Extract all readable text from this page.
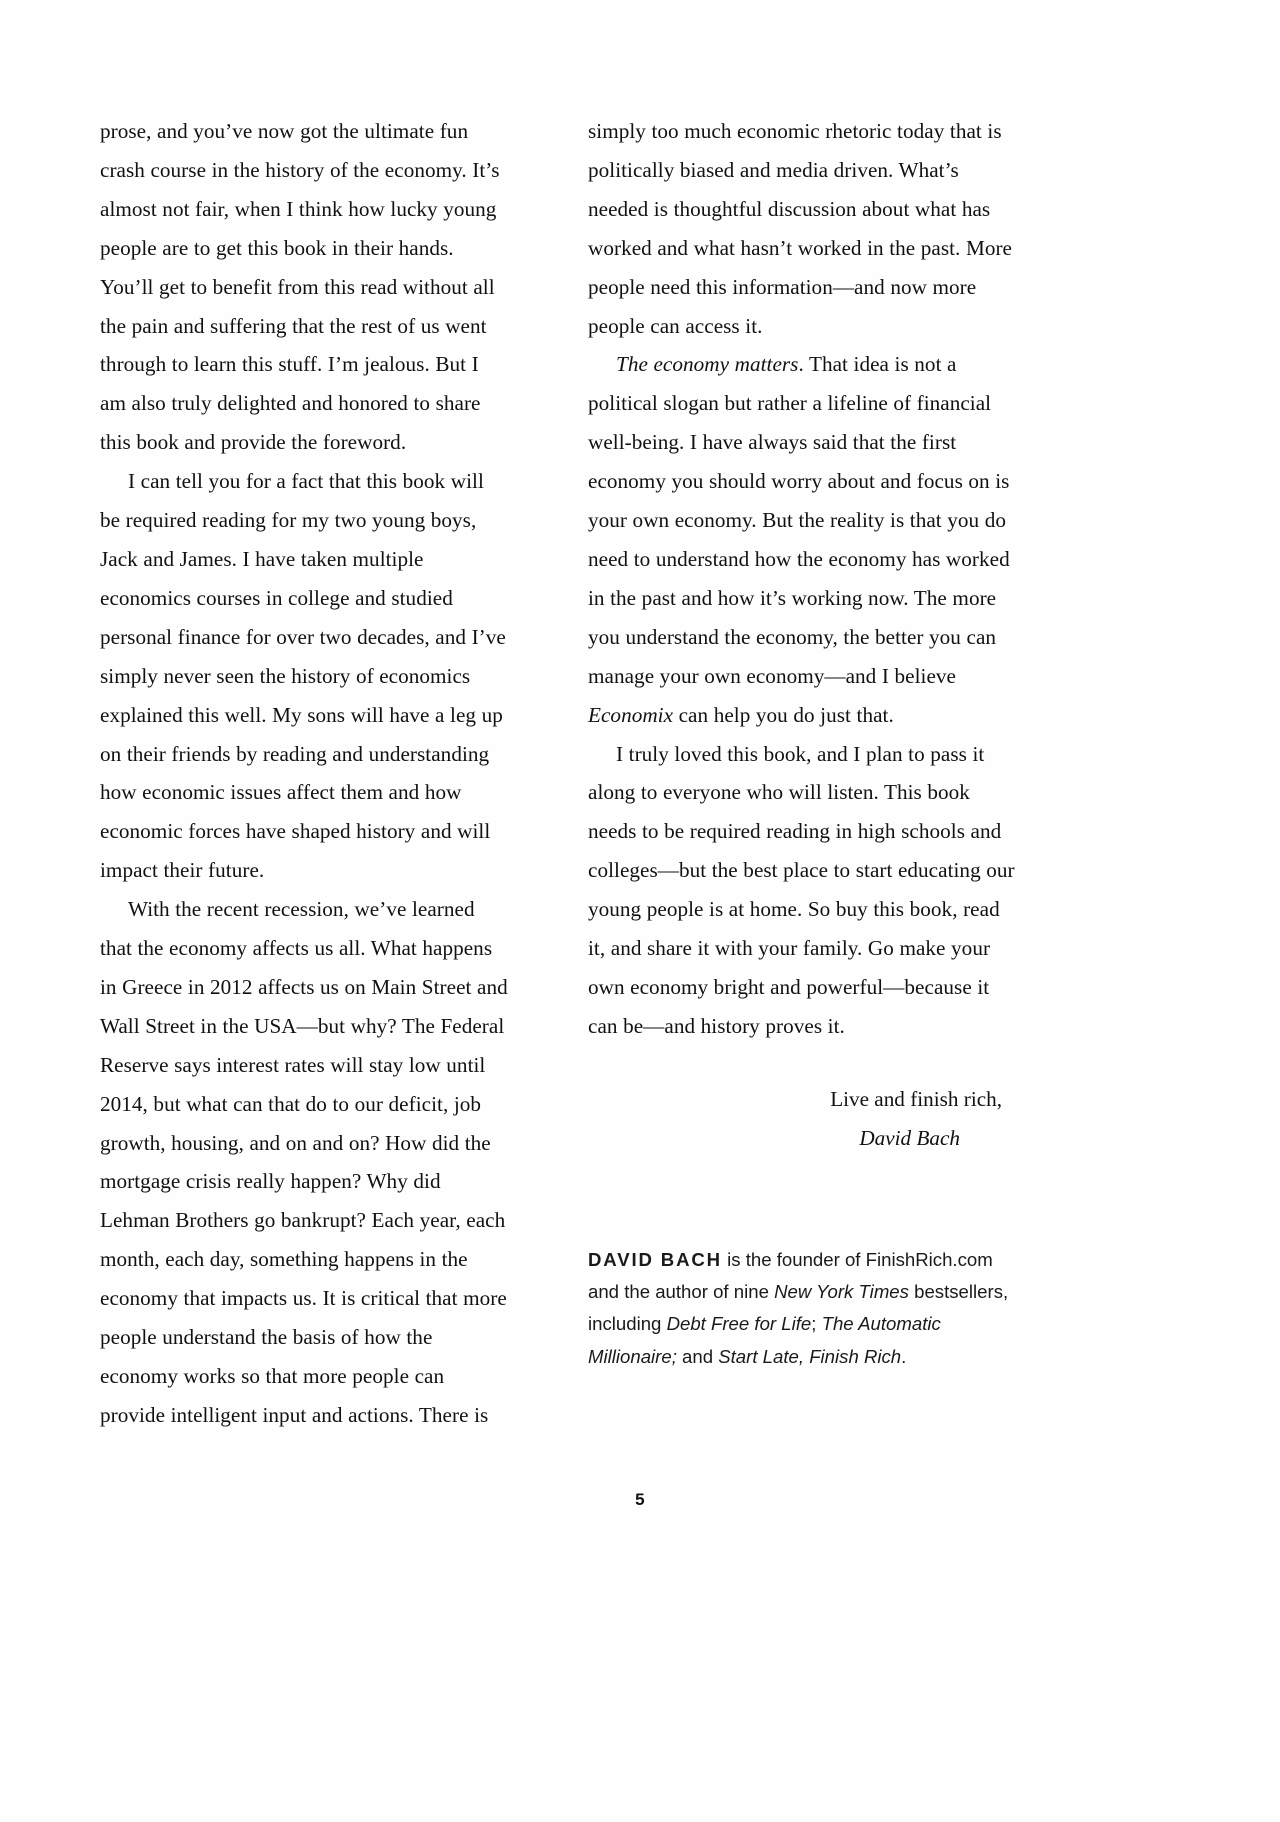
prose, and you’ve now got the ultimate fun crash course in the history of the economy. It’s almost not fair, when I think how lucky young people are to get this book in their hands. You’ll get to benefit from this read without all the pain and suffering that the rest of us went through to learn this stuff. I’m jealous. But I am also truly delighted and honored to share this book and provide the foreword.

I can tell you for a fact that this book will be required reading for my two young boys, Jack and James. I have taken multiple economics courses in college and studied personal finance for over two decades, and I’ve simply never seen the history of economics explained this well. My sons will have a leg up on their friends by reading and understanding how economic issues affect them and how economic forces have shaped history and will impact their future.

With the recent recession, we’ve learned that the economy affects us all. What happens in Greece in 2012 affects us on Main Street and Wall Street in the USA—but why? The Federal Reserve says interest rates will stay low until 2014, but what can that do to our deficit, job growth, housing, and on and on? How did the mortgage crisis really happen? Why did Lehman Brothers go bankrupt? Each year, each month, each day, something happens in the economy that impacts us. It is critical that more people understand the basis of how the economy works so that more people can provide intelligent input and actions. There is

simply too much economic rhetoric today that is politically biased and media driven. What’s needed is thoughtful discussion about what has worked and what hasn’t worked in the past. More people need this information—and now more people can access it.

The economy matters. That idea is not a political slogan but rather a lifeline of financial well-being. I have always said that the first economy you should worry about and focus on is your own economy. But the reality is that you do need to understand how the economy has worked in the past and how it’s working now. The more you understand the economy, the better you can manage your own economy—and I believe Economix can help you do just that.

I truly loved this book, and I plan to pass it along to everyone who will listen. This book needs to be required reading in high schools and colleges—but the best place to start educating our young people is at home. So buy this book, read it, and share it with your family. Go make your own economy bright and powerful—because it can be—and history proves it.

Live and finish rich,
David Bach
DAVID BACH is the founder of FinishRich.com and the author of nine New York Times bestsellers, including Debt Free for Life; The Automatic Millionaire; and Start Late, Finish Rich.
5
